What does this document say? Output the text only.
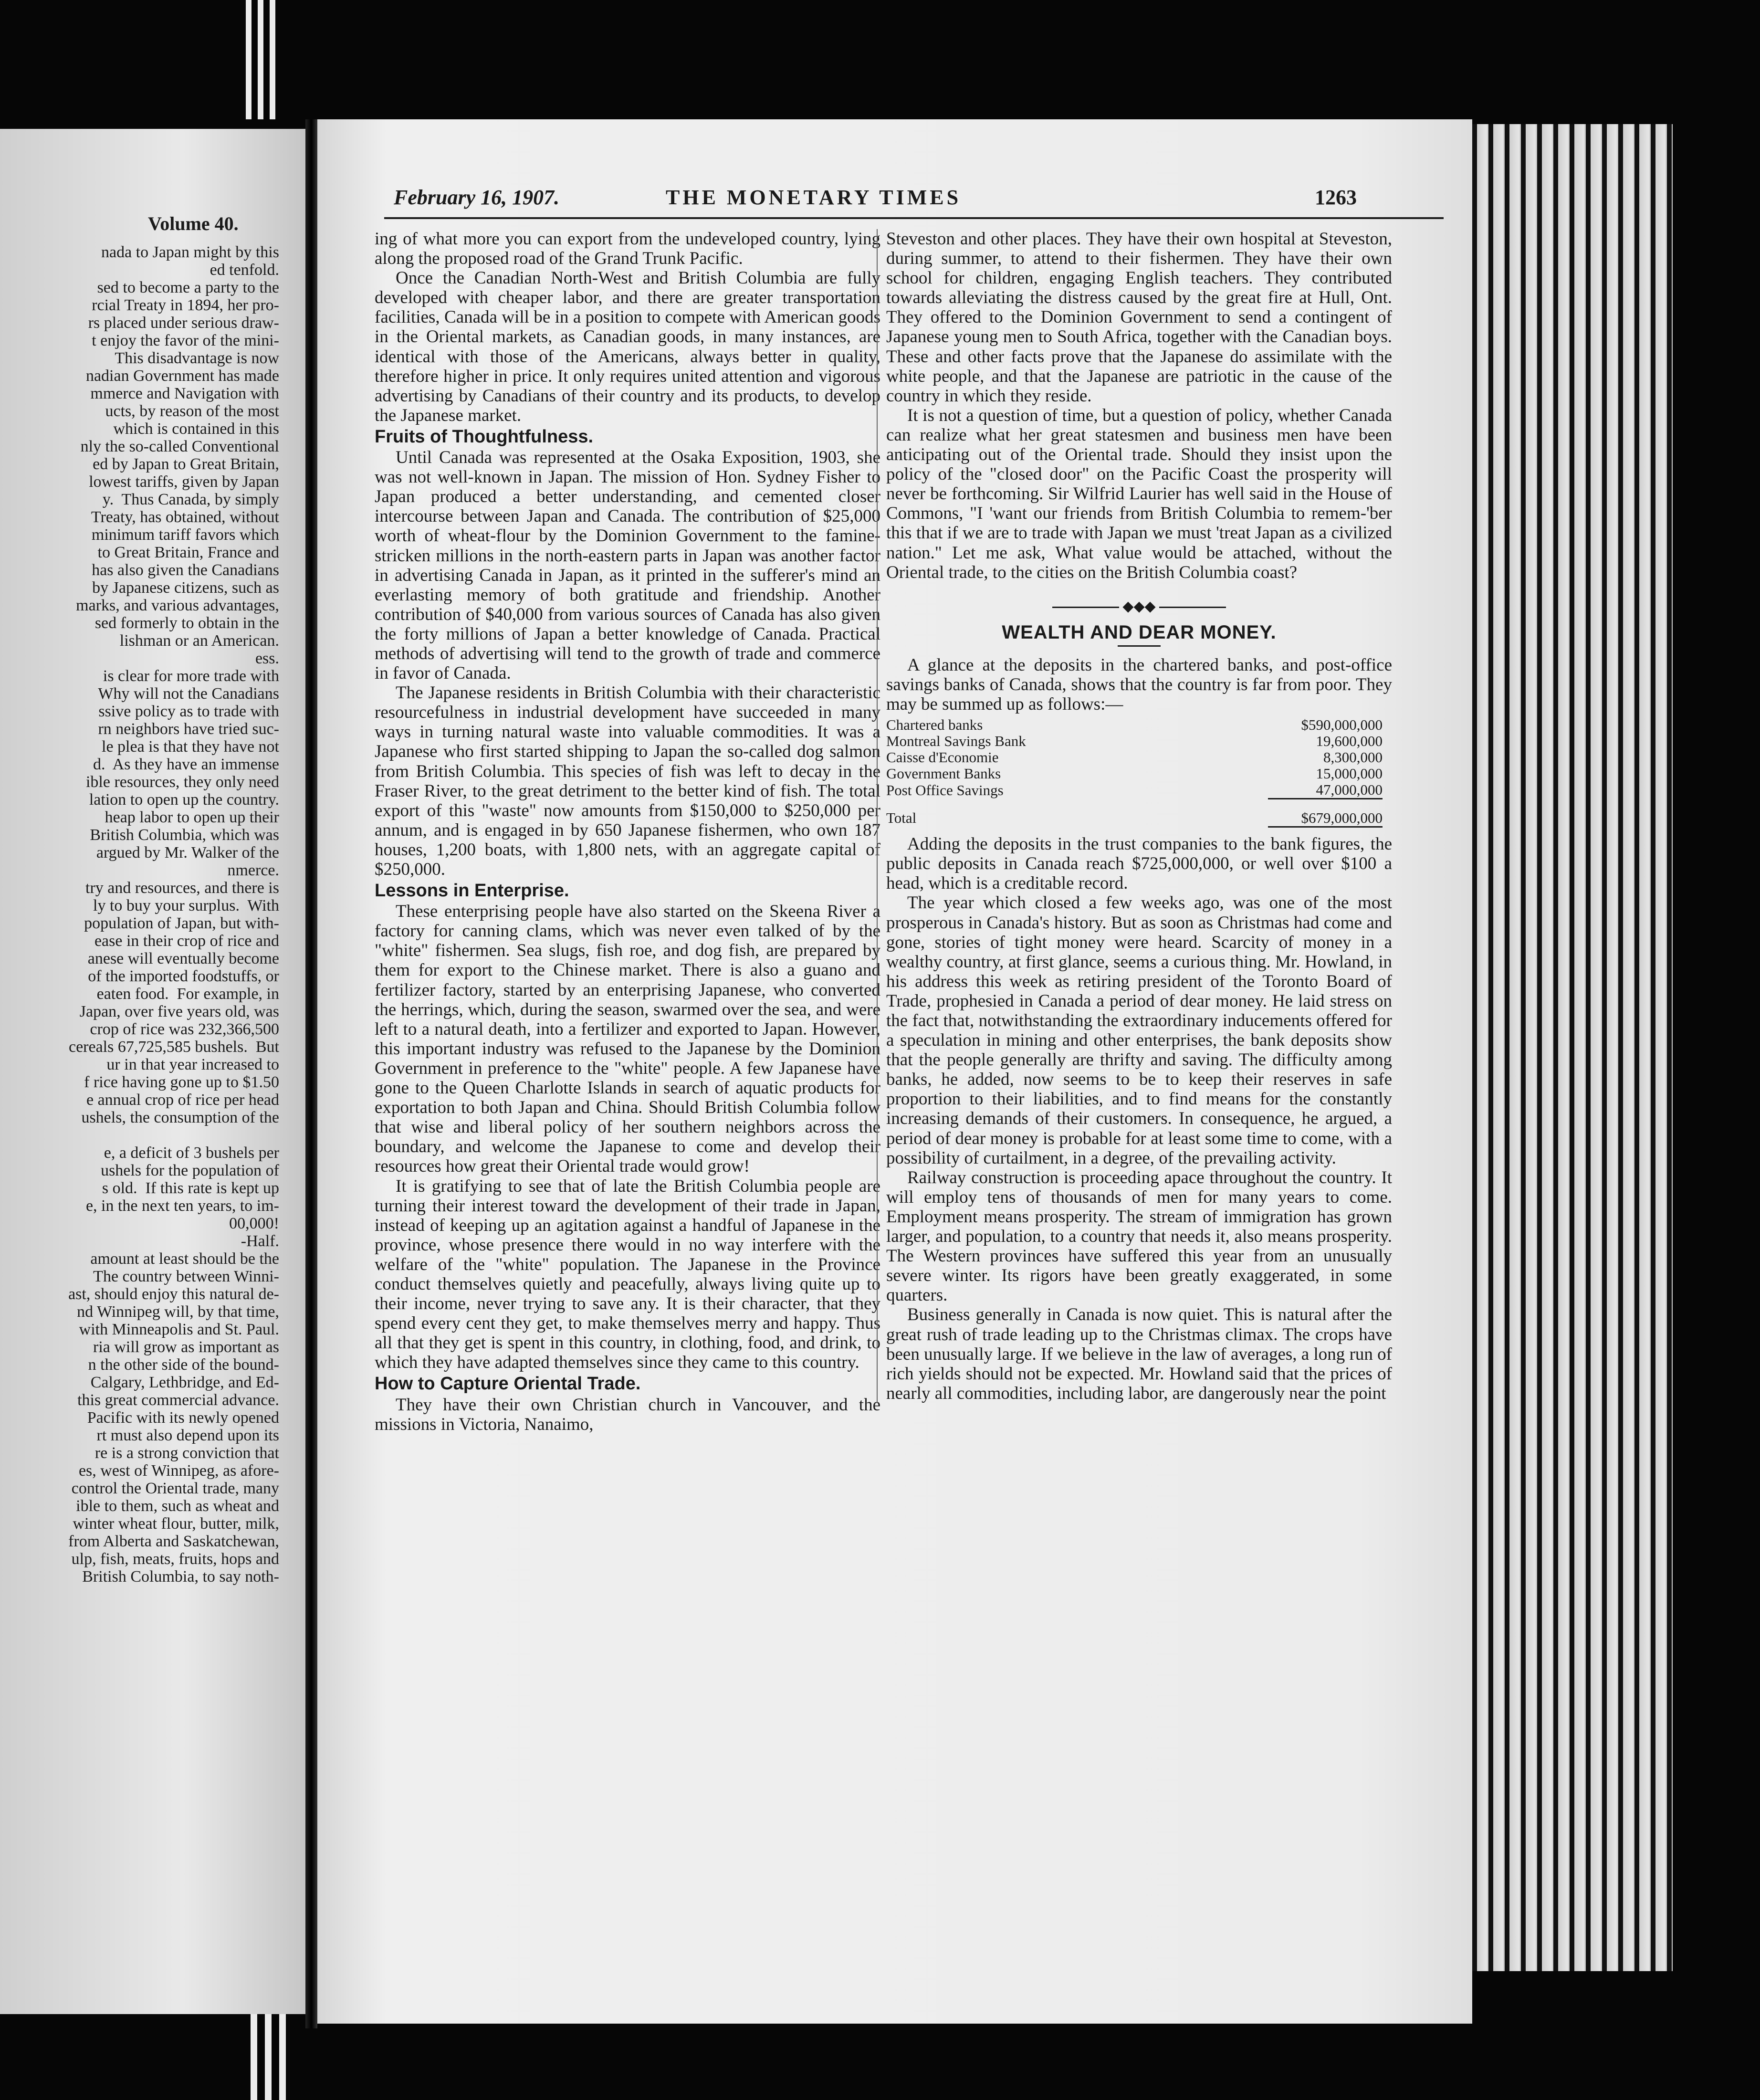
Volume 40.
nada to Japan might by this
ed tenfold.
sed to become a party to the
rcial Treaty in 1894, her pro-
rs placed under serious draw-
t enjoy the favor of the mini-
This disadvantage is now
nadian Government has made
mmerce and Navigation with
ucts, by reason of the most
which is contained in this
nly the so-called Conventional
ed by Japan to Great Britain,
lowest tariffs, given by Japan
y.  Thus Canada, by simply
Treaty, has obtained, without
minimum tariff favors which
to Great Britain, France and
has also given the Canadians
by Japanese citizens, such as
marks, and various advantages,
sed formerly to obtain in the
lishman or an American.
ess.
is clear for more trade with
Why will not the Canadians
ssive policy as to trade with
rn neighbors have tried suc-
le plea is that they have not
d.  As they have an immense
ible resources, they only need
lation to open up the country.
heap labor to open up their
British Columbia, which was
argued by Mr. Walker of the
nmerce.
try and resources, and there is
ly to buy your surplus.  With
population of Japan, but with-
ease in their crop of rice and
anese will eventually become
of the imported foodstuffs, or
eaten food.  For example, in
Japan, over five years old, was
crop of rice was 232,366,500
cereals 67,725,585 bushels.  But
ur in that year increased to
f rice having gone up to $1.50
e annual crop of rice per head
ushels, the consumption of the

e, a deficit of 3 bushels per
ushels for the population of
s old.  If this rate is kept up
e, in the next ten years, to im-
00,000!
-Half.
amount at least should be the
The country between Winni-
ast, should enjoy this natural de-
nd Winnipeg will, by that time,
with Minneapolis and St. Paul.
ria will grow as important as
n the other side of the bound-
Calgary, Lethbridge, and Ed-
this great commercial advance.
Pacific with its newly opened
rt must also depend upon its
re is a strong conviction that
es, west of Winnipeg, as afore-
control the Oriental trade, many
ible to them, such as wheat and
winter wheat flour, butter, milk,
from Alberta and Saskatchewan,
ulp, fish, meats, fruits, hops and
British Columbia, to say noth-
February 16, 1907.	THE MONETARY TIMES	1263

ing of what more you can export from the undeveloped country, lying along the proposed road of the Grand Trunk Pacific.

Once the Canadian North-West and British Columbia are fully developed with cheaper labor, and there are greater transportation facilities, Canada will be in a position to compete with American goods in the Oriental markets, as Canadian goods, in many instances, are identical with those of the Americans, always better in quality, therefore higher in price. It only requires united attention and vigorous advertising by Canadians of their country and its products, to develop the Japanese market.

Fruits of Thoughtfulness.

Until Canada was represented at the Osaka Exposition, 1903, she was not well-known in Japan. The mission of Hon. Sydney Fisher to Japan produced a better understanding, and cemented closer intercourse between Japan and Canada. The contribution of $25,000 worth of wheat-flour by the Dominion Government to the famine-stricken millions in the north-eastern parts in Japan was another factor in advertising Canada in Japan, as it printed in the sufferer's mind an everlasting memory of both gratitude and friendship. Another contribution of $40,000 from various sources of Canada has also given the forty millions of Japan a better knowledge of Canada. Practical methods of advertising will tend to the growth of trade and commerce in favor of Canada.

The Japanese residents in British Columbia with their characteristic resourcefulness in industrial development have succeeded in many ways in turning natural waste into valuable commodities. It was a Japanese who first started shipping to Japan the so-called dog salmon from British Columbia. This species of fish was left to decay in the Fraser River, to the great detriment to the better kind of fish. The total export of this "waste" now amounts from $150,000 to $250,000 per annum, and is engaged in by 650 Japanese fishermen, who own 187 houses, 1,200 boats, with 1,800 nets, with an aggregate capital of $250,000.

Lessons in Enterprise.

These enterprising people have also started on the Skeena River a factory for canning clams, which was never even talked of by the "white" fishermen. Sea slugs, fish roe, and dog fish, are prepared by them for export to the Chinese market. There is also a guano and fertilizer factory, started by an enterprising Japanese, who converted the herrings, which, during the season, swarmed over the sea, and were left to a natural death, into a fertilizer and exported to Japan. However, this important industry was refused to the Japanese by the Dominion Government in preference to the "white" people. A few Japanese have gone to the Queen Charlotte Islands in search of aquatic products for exportation to both Japan and China. Should British Columbia follow that wise and liberal policy of her southern neighbors across the boundary, and welcome the Japanese to come and develop their resources how great their Oriental trade would grow!

It is gratifying to see that of late the British Columbia people are turning their interest toward the development of their trade in Japan, instead of keeping up an agitation against a handful of Japanese in the province, whose presence there would in no way interfere with the welfare of the "white" population. The Japanese in the Province conduct themselves quietly and peacefully, always living quite up to their income, never trying to save any. It is their character, that they spend every cent they get, to make themselves merry and happy. Thus all that they get is spent in this country, in clothing, food, and drink, to which they have adapted themselves since they came to this country.

How to Capture Oriental Trade.

They have their own Christian church in Vancouver, and the missions in Victoria, Nanaimo,

Steveston and other places. They have their own hospital at Steveston, during summer, to attend to their fishermen. They have their own school for children, engaging English teachers. They contributed towards alleviating the distress caused by the great fire at Hull, Ont. They offered to the Dominion Government to send a contingent of Japanese young men to South Africa, together with the Canadian boys. These and other facts prove that the Japanese do assimilate with the white people, and that the Japanese are patriotic in the cause of the country in which they reside.

It is not a question of time, but a question of policy, whether Canada can realize what her great statesmen and business men have been anticipating out of the Oriental trade. Should they insist upon the policy of the "closed door" on the Pacific Coast the prosperity will never be forthcoming. Sir Wilfrid Laurier has well said in the House of Commons, "I 'want our friends from British Columbia to remem-'ber this that if we are to trade with Japan we must 'treat Japan as a civilized nation." Let me ask, What value would be attached, without the Oriental trade, to the cities on the British Columbia coast?

◆◆◆
WEALTH AND DEAR MONEY.

A glance at the deposits in the chartered banks, and post-office savings banks of Canada, shows that the country is far from poor. They may be summed up as follows:—

Chartered banks		$590,000,000
Montreal Savings Bank		19,600,000
Caisse d'Economie		8,300,000
Government Banks		15,000,000
Post Office Savings		47,000,000
Total		$679,000,000

Adding the deposits in the trust companies to the bank figures, the public deposits in Canada reach $725,000,000, or well over $100 a head, which is a creditable record.

The year which closed a few weeks ago, was one of the most prosperous in Canada's history. But as soon as Christmas had come and gone, stories of tight money were heard. Scarcity of money in a wealthy country, at first glance, seems a curious thing. Mr. Howland, in his address this week as retiring president of the Toronto Board of Trade, prophesied in Canada a period of dear money. He laid stress on the fact that, notwithstanding the extraordinary inducements offered for a speculation in mining and other enterprises, the bank deposits show that the people generally are thrifty and saving. The difficulty among banks, he added, now seems to be to keep their reserves in safe proportion to their liabilities, and to find means for the constantly increasing demands of their customers. In consequence, he argued, a period of dear money is probable for at least some time to come, with a possibility of curtailment, in a degree, of the prevailing activity.

Railway construction is proceeding apace throughout the country. It will employ tens of thousands of men for many years to come. Employment means prosperity. The stream of immigration has grown larger, and population, to a country that needs it, also means prosperity. The Western provinces have suffered this year from an unusually severe winter. Its rigors have been greatly exaggerated, in some quarters.

Business generally in Canada is now quiet. This is natural after the great rush of trade leading up to the Christmas climax. The crops have been unusually large. If we believe in the law of averages, a long run of rich yields should not be expected. Mr. Howland said that the prices of nearly all commodities, including labor, are dangerously near the point
